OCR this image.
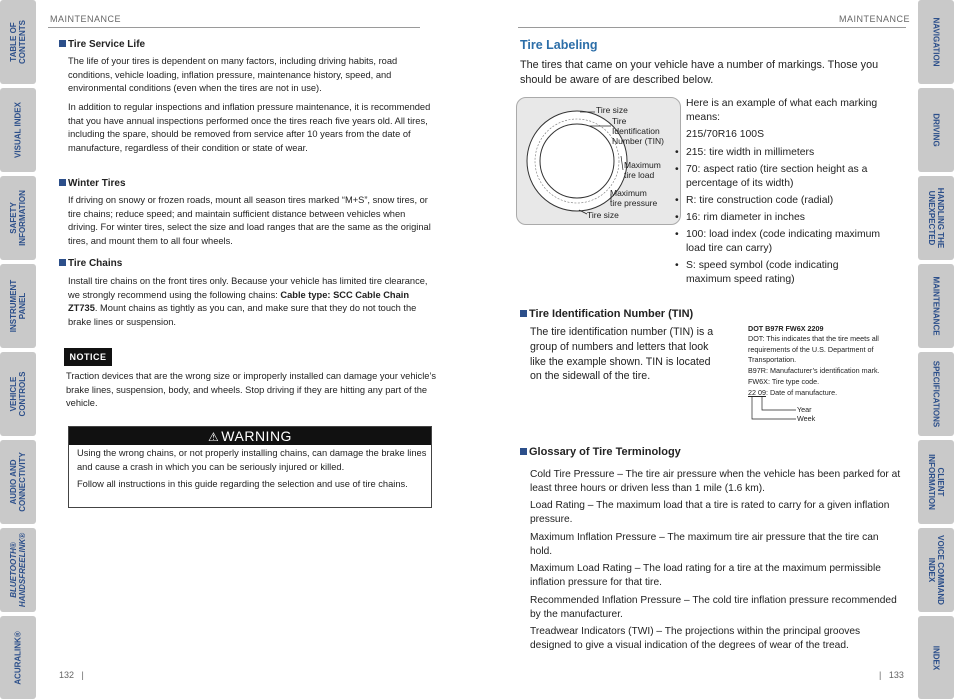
TABLE OF
CONTENTS
VISUAL INDEX
SAFETY
INFORMATION
INSTRUMENT
PANEL
VEHICLE
CONTROLS
AUDIO AND
CONNECTIVITY
BLUETOOTH®
HANDSFREELINK®
ACURALINK®
NAVIGATION
DRIVING
HANDLING THE
UNEXPECTED
MAINTENANCE
SPECIFICATIONS
CLIENT
INFORMATION
VOICE COMMAND
INDEX
INDEX
MAINTENANCE
Tire Service Life
The life of your tires is dependent on many factors, including driving habits, road conditions, vehicle loading, inflation pressure, maintenance history, speed, and environmental conditions (even when the tires are not in use).
In addition to regular inspections and inflation pressure maintenance, it is recommended that you have annual inspections performed once the tires reach five years old. All tires, including the spare, should be removed from service after 10 years from the date of manufacture, regardless of their condition or state of wear.
Winter Tires
If driving on snowy or frozen roads, mount all season tires marked “M+S”, snow tires, or tire chains; reduce speed; and maintain sufficient distance between vehicles when driving. For winter tires, select the size and load ranges that are the same as the original tires, and mount them to all four wheels.
Tire Chains
Install tire chains on the front tires only. Because your vehicle has limited tire clearance, we strongly recommend using the following chains: Cable type: SCC Cable Chain ZT735. Mount chains as tightly as you can, and make sure that they do not touch the brake lines or suspension.
NOTICE
Traction devices that are the wrong size or improperly installed can damage your vehicle’s brake lines, suspension, body, and wheels. Stop driving if they are hitting any part of the vehicle.
⚠ WARNING
Using the wrong chains, or not properly installing chains, can damage the brake lines and cause a crash in which you can be seriously injured or killed.
Follow all instructions in this guide regarding the selection and use of tire chains.
132   |
MAINTENANCE
Tire Labeling
The tires that came on your vehicle have a number of markings. Those you should be aware of are described below.
Tire size
Tire
Identification
Number (TIN)
Maximum
tire load
Maximum
tire pressure
Tire size
Here is an example of what each marking means:
215/70R16 100S
• 215: tire width in millimeters
• 70: aspect ratio (tire section height as a percentage of its width)
• R: tire construction code (radial)
• 16: rim diameter in inches
• 100: load index (code indicating maximum load tire can carry)
• S: speed symbol (code indicating maximum speed rating)
Tire Identification Number (TIN)
The tire identification number (TIN) is a group of numbers and letters that look like the example shown. TIN is located on the sidewall of the tire.
DOT B97R FW6X 2209
DOT: This indicates that the tire meets all requirements of the U.S. Department of Transportation.
B97R: Manufacturer’s identification mark.
FW6X: Tire type code.
22 09: Date of manufacture.
Year
Week
Glossary of Tire Terminology
Cold Tire Pressure – The tire air pressure when the vehicle has been parked for at least three hours or driven less than 1 mile (1.6 km).
Load Rating – The maximum load that a tire is rated to carry for a given inflation pressure.
Maximum Inflation Pressure – The maximum tire air pressure that the tire can hold.
Maximum Load Rating – The load rating for a tire at the maximum permissible inflation pressure for that tire.
Recommended Inflation Pressure – The cold tire inflation pressure recommended by the manufacturer.
Treadwear Indicators (TWI) – The projections within the principal grooves designed to give a visual indication of the degrees of wear of the tread.
|   133
